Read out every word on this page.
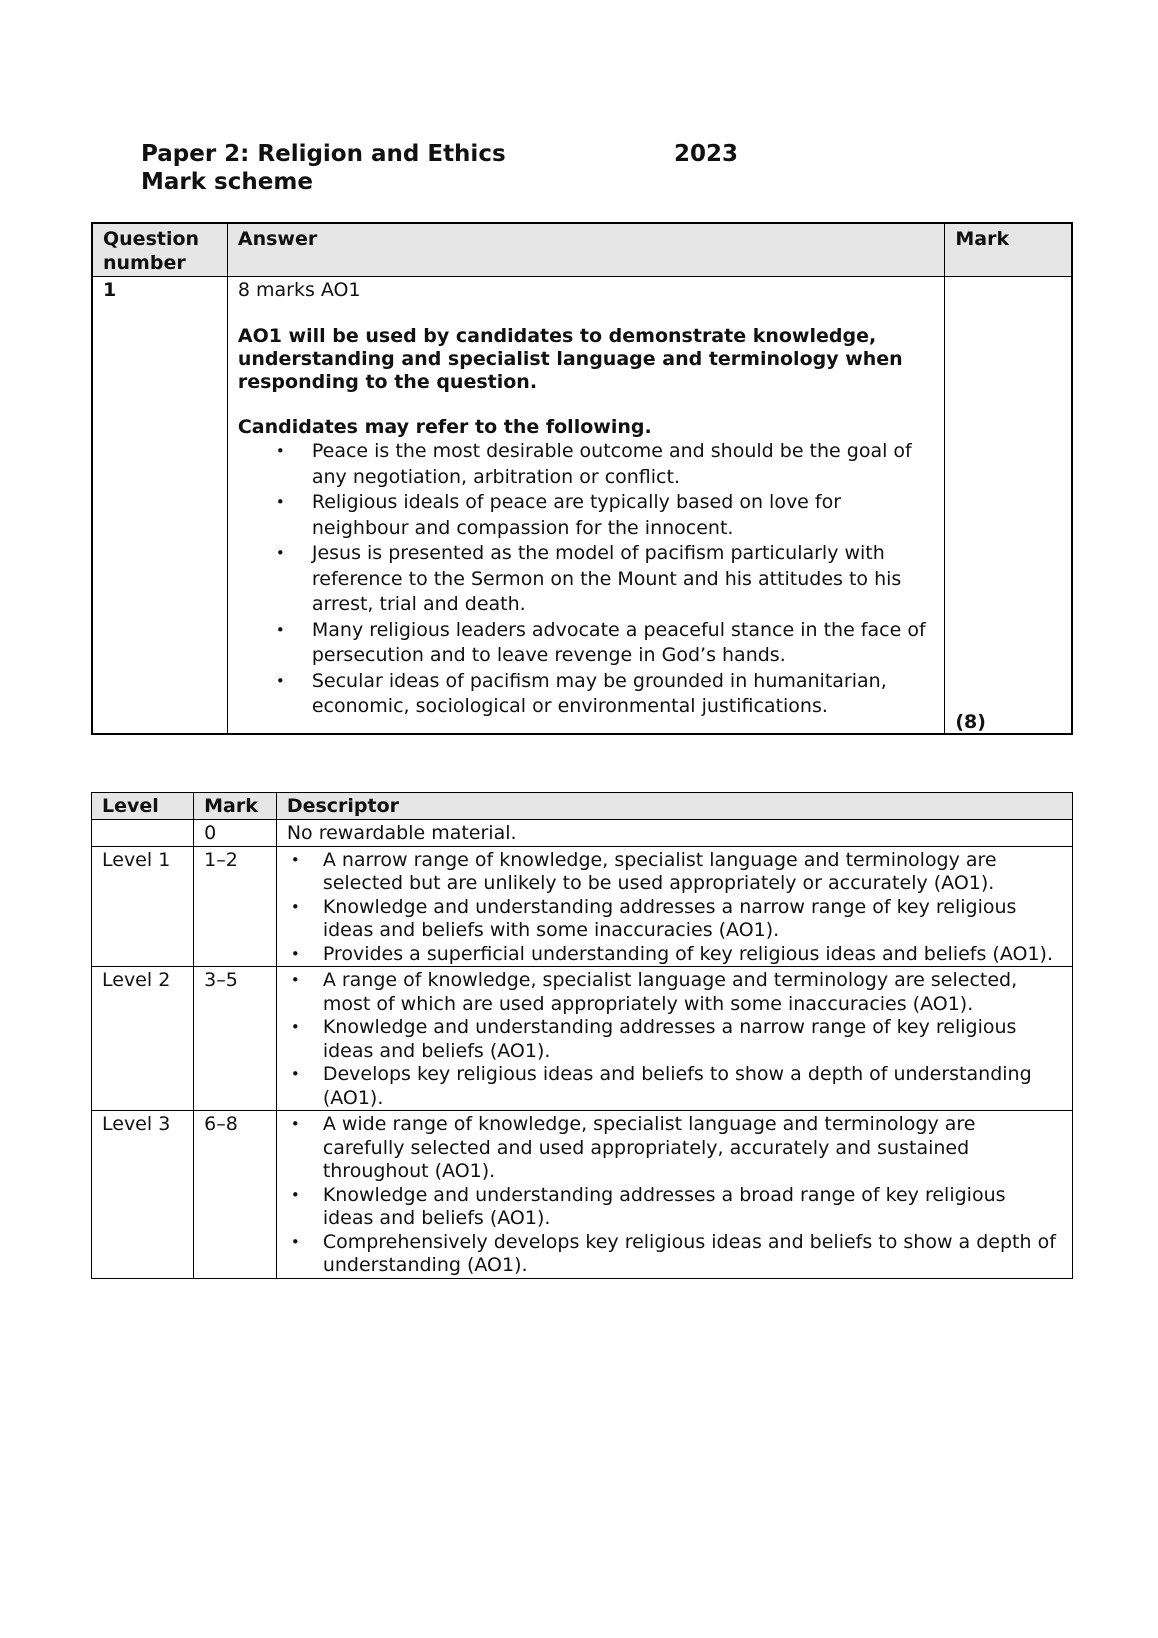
Paper 2: Religion and Ethics	2023
Mark scheme
Question
number	Answer	Mark
1	8 marks AO1

AO1 will be used by candidates to demonstrate knowledge, understanding and specialist language and terminology when responding to the question.

Candidates may refer to the following.

• Peace is the most desirable outcome and should be the goal of any negotiation, arbitration or conflict.
• Religious ideals of peace are typically based on love for neighbour and compassion for the innocent.
• Jesus is presented as the model of pacifism particularly with reference to the Sermon on the Mount and his attitudes to his arrest, trial and death.
• Many religious leaders advocate a peaceful stance in the face of persecution and to leave revenge in God’s hands.
• Secular ideas of pacifism may be grounded in humanitarian, economic, sociological or environmental justifications.

(8)
Level	Mark	Descriptor
	0	No rewardable material.
Level 1	1–2	
•A narrow range of knowledge, specialist language and terminology are selected but are unlikely to be used appropriately or accurately (AO1).
• Knowledge and understanding addresses a narrow range of key religious ideas and beliefs with some inaccuracies (AO1).
• Provides a superficial understanding of key religious ideas and beliefs (AO1).

Level 2	3–5	
•A range of knowledge, specialist language and terminology are selected, most of which are used appropriately with some inaccuracies (AO1).
• Knowledge and understanding addresses a narrow range of key religious ideas and beliefs (AO1).
• Develops key religious ideas and beliefs to show a depth of understanding (AO1).

Level 3	6–8	
•A wide range of knowledge, specialist language and terminology are carefully selected and used appropriately, accurately and sustained throughout (AO1).
• Knowledge and understanding addresses a broad range of key religious ideas and beliefs (AO1).
• Comprehensively develops key religious ideas and beliefs to show a depth of understanding (AO1).
